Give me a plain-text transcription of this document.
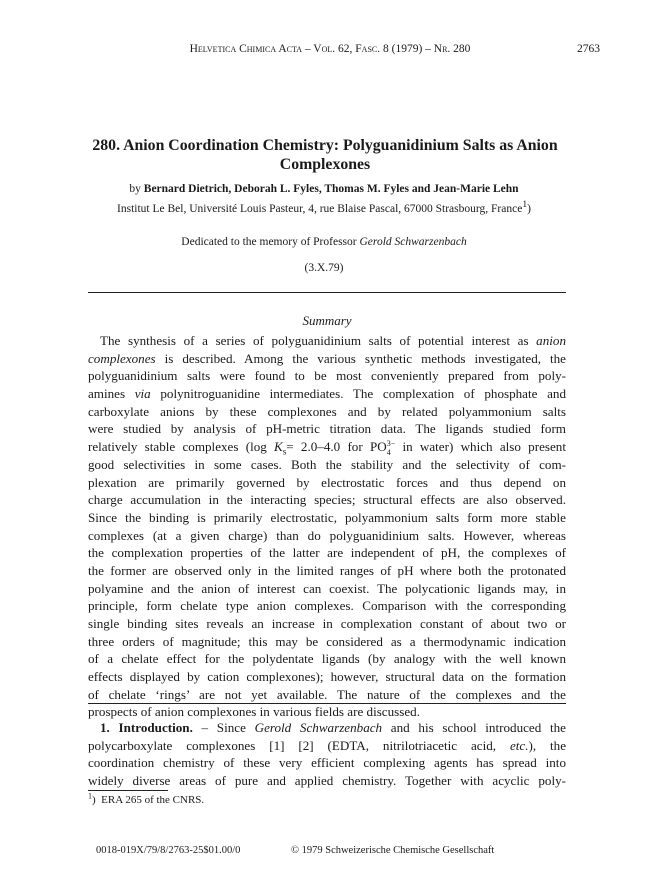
Helvetica Chimica Acta – Vol. 62, Fasc. 8 (1979) – Nr. 280	2763
280. Anion Coordination Chemistry: Polyguanidinium Salts as Anion
Complexones
by Bernard Dietrich, Deborah L. Fyles, Thomas M. Fyles and Jean-Marie Lehn
Institut Le Bel, Université Louis Pasteur, 4, rue Blaise Pascal, 67000 Strasbourg, France$^1$)
Dedicated to the memory of Professor Gerold Schwarzenbach
(3.X.79)
Summary
The synthesis of a series of polyguanidinium salts of potential interest as anion
complexones is described. Among the various synthetic methods investigated, the
polyguanidinium salts were found to be most conveniently prepared from poly-
amines via polynitroguanidine intermediates. The complexation of phosphate and
carboxylate anions by these complexones and by related polyammonium salts
were studied by analysis of pH-metric titration data. The ligands studied form
relatively stable complexes (log $K_s= 2.0-4.0$ for PO 3−
4 in water) which also present
good selectivities in some cases. Both the stability and the selectivity of com-
plexation are primarily governed by electrostatic forces and thus depend on
charge accumulation in the interacting species; structural effects are also observed.
Since the binding is primarily electrostatic, polyammonium salts form more stable
complexes (at a given charge) than do polyguanidinium salts. However, whereas
the complexation properties of the latter are independent of pH, the complexes of
the former are observed only in the limited ranges of pH where both the protonated
polyamine and the anion of interest can coexist. The polycationic ligands may, in
principle, form chelate type anion complexes. Comparison with the corresponding
single binding sites reveals an increase in complexation constant of about two or
three orders of magnitude; this may be considered as a thermodynamic indication
of a chelate effect for the polydentate ligands (by analogy with the well known
effects displayed by cation complexones); however, structural data on the formation
of chelate ‘rings’ are not yet available. The nature of the complexes and the
prospects of anion complexones in various fields are discussed.
1. Introduction. – Since Gerold Schwarzenbach and his school introduced the
polycarboxylate complexones [1] [2] (EDTA, nitrilotriacetic acid, etc.), the
coordination chemistry of these very efficient complexing agents has spread into
widely diverse areas of pure and applied chemistry. Together with acyclic poly-
$^1$)  ERA 265 of the CNRS.
0018-019X/79/8/2763-25$01.00/0	© 1979 Schweizerische Chemische Gesellschaft
